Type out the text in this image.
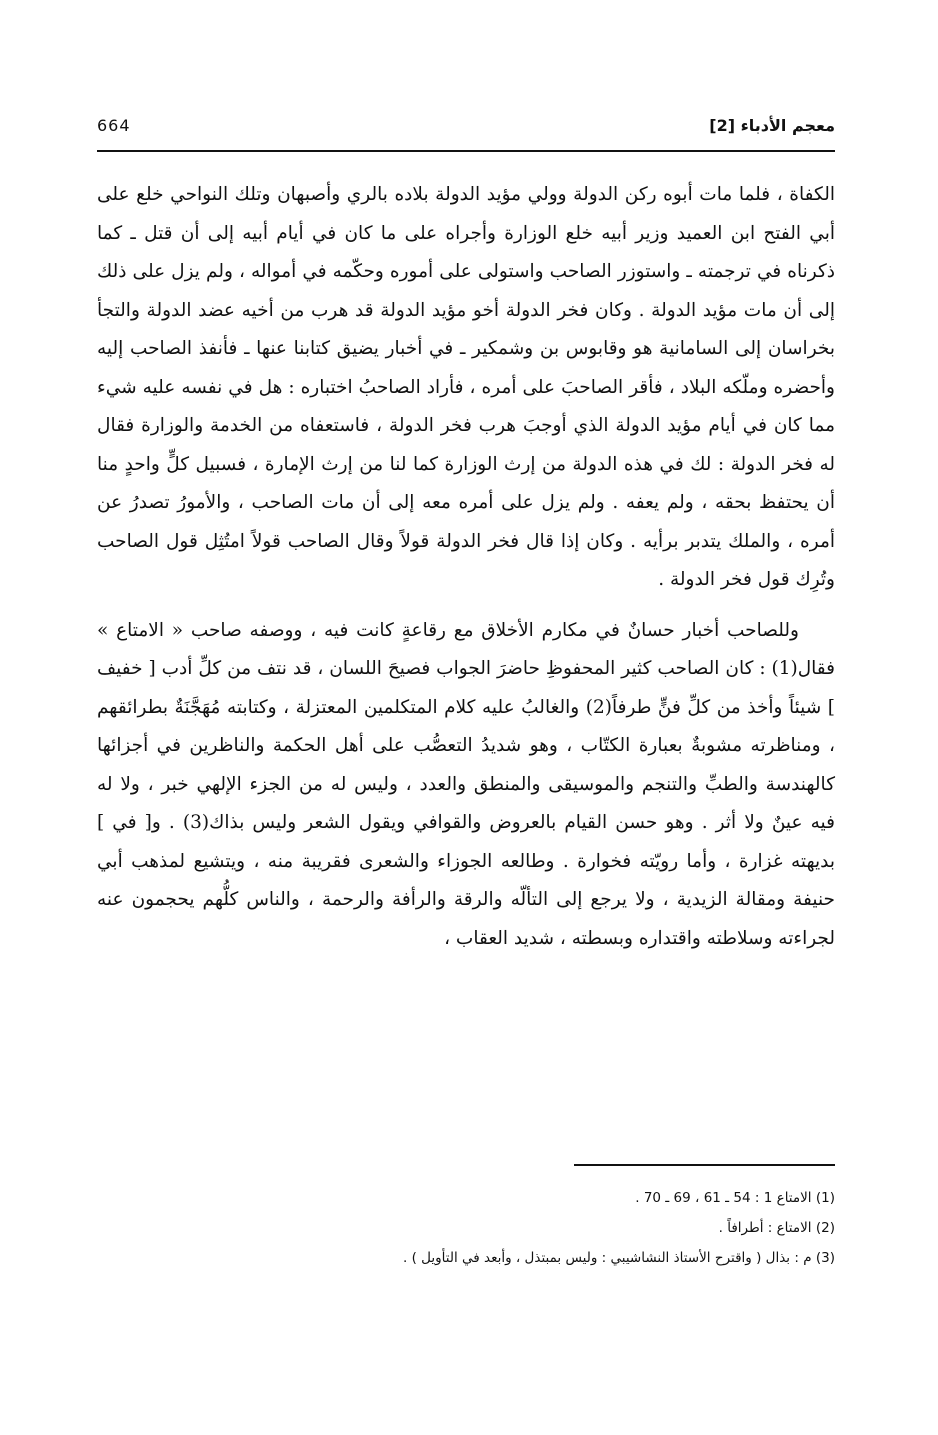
664	معجم الأدباء [2]

الكفاة ، فلما مات أبوه ركن الدولة وولي مؤيد الدولة بلاده بالري وأصبهان وتلك النواحي خلع على أبي الفتح ابن العميد وزير أبيه خلع الوزارة وأجراه على ما كان في أيام أبيه إلى أن قتل ـ كما ذكرناه في ترجمته ـ واستوزر الصاحب واستولى على أموره وحكّمه في أمواله ، ولم يزل على ذلك إلى أن مات مؤيد الدولة . وكان فخر الدولة أخو مؤيد الدولة قد هرب من أخيه عضد الدولة والتجأ بخراسان إلى السامانية هو وقابوس بن وشمكير ـ في أخبار يضيق كتابنا عنها ـ فأنفذ الصاحب إليه وأحضره وملّكه البلاد ، فأقر الصاحبَ على أمره ، فأراد الصاحبُ اختباره : هل في نفسه عليه شيء مما كان في أيام مؤيد الدولة الذي أوجبَ هرب فخر الدولة ، فاستعفاه من الخدمة والوزارة فقال له فخر الدولة : لك في هذه الدولة من إرث الوزارة كما لنا من إرث الإمارة ، فسبيل كلٍّ واحدٍ منا أن يحتفظ بحقه ، ولم يعفه . ولم يزل على أمره معه إلى أن مات الصاحب ، والأمورُ تصدرُ عن أمره ، والملك يتدبر برأيه . وكان إذا قال فخر الدولة قولاً وقال الصاحب قولاً امتُثِل قول الصاحب وتُرِك قول فخر الدولة .

وللصاحب أخبار حسانٌ في مكارم الأخلاق مع رقاعةٍ كانت فيه ، ووصفه صاحب « الامتاع » فقال(1) : كان الصاحب كثير المحفوظِ حاضرَ الجواب فصيحَ اللسان ، قد نتف من كلِّ أدب [ خفيف ] شيئاً وأخذ من كلِّ فنٍّ طرفاً(2) والغالبُ عليه كلام المتكلمين المعتزلة ، وكتابته مُهَجَّنَةٌ بطرائقهم ، ومناظرته مشوبةٌ بعبارة الكتّاب ، وهو شديدُ التعصُّب على أهل الحكمة والناظرين في أجزائها كالهندسة والطبِّ والتنجم والموسيقى والمنطق والعدد ، وليس له من الجزء الإلهي خبر ، ولا له فيه عينٌ ولا أثر . وهو حسن القيام بالعروض والقوافي ويقول الشعر وليس بذاك(3) . و[ في ] بديهته غزارة ، وأما رويّته فخوارة . وطالعه الجوزاء والشعرى فقريبة منه ، ويتشيع لمذهب أبي حنيفة ومقالة الزيدية ، ولا يرجع إلى التألّه والرقة والرأفة والرحمة ، والناس كلُّهم يحجمون عنه لجراءته وسلاطته واقتداره وبسطته ، شديد العقاب ،

(1) الامتاع 1 : 54 ـ 61 ، 69 ـ 70 .
(2) الامتاع : أطرافاً .
(3) م : بذال ( واقترح الأستاذ النشاشيبي : وليس بمبتذل ، وأبعد في التأويل ) .
